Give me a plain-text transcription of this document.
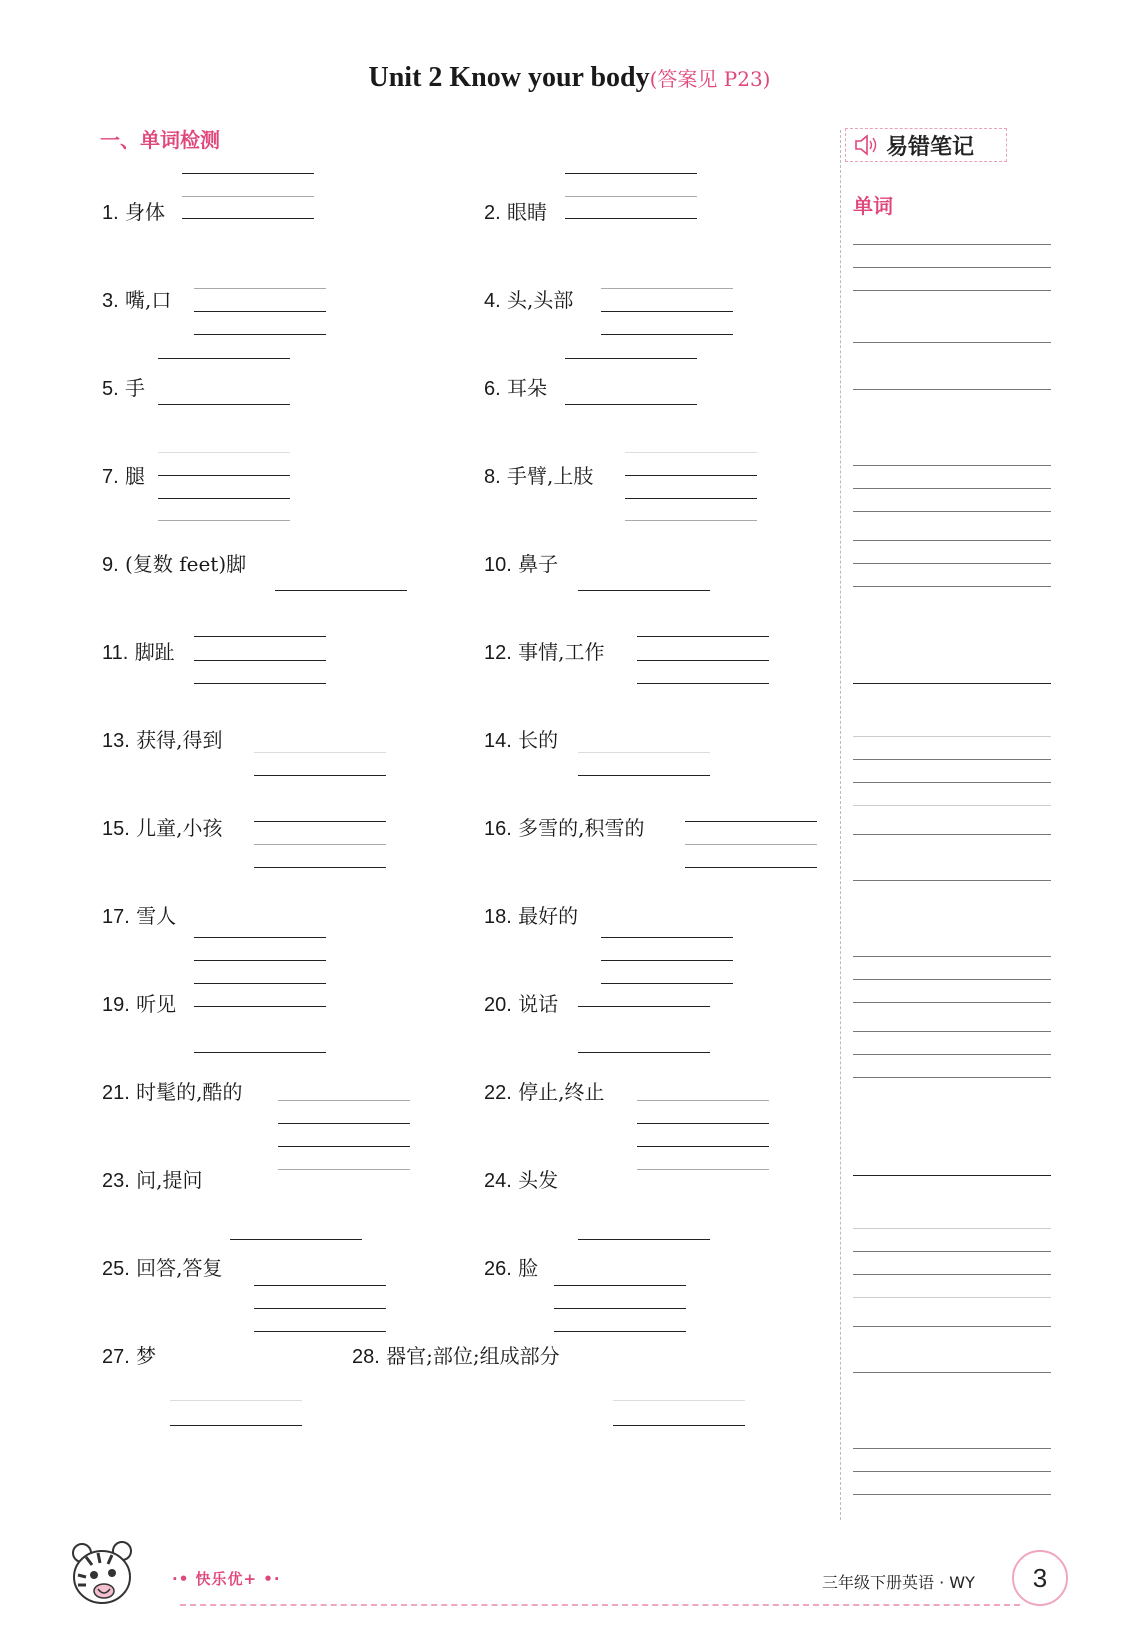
Unit 2 Know your body(答案见 P23)
一、单词检测
1. 身体	2. 眼睛
3. 嘴,口	4. 头,头部
5. 手	6. 耳朵
7. 腿	8. 手臂,上肢
9. (复数 feet)脚	10. 鼻子
11. 脚趾	12. 事情,工作
13. 获得,得到	14. 长的
15. 儿童,小孩	16. 多雪的,积雪的
17. 雪人	18. 最好的
19. 听见	20. 说话
21. 时髦的,酷的	22. 停止,终止
23. 问,提问	24. 头发
25. 回答,答复	26. 脸
27. 梦	28. 器官;部位;组成部分
易错笔记
单词
·• 快乐优+ •·	三年级下册英语 · WY	3
